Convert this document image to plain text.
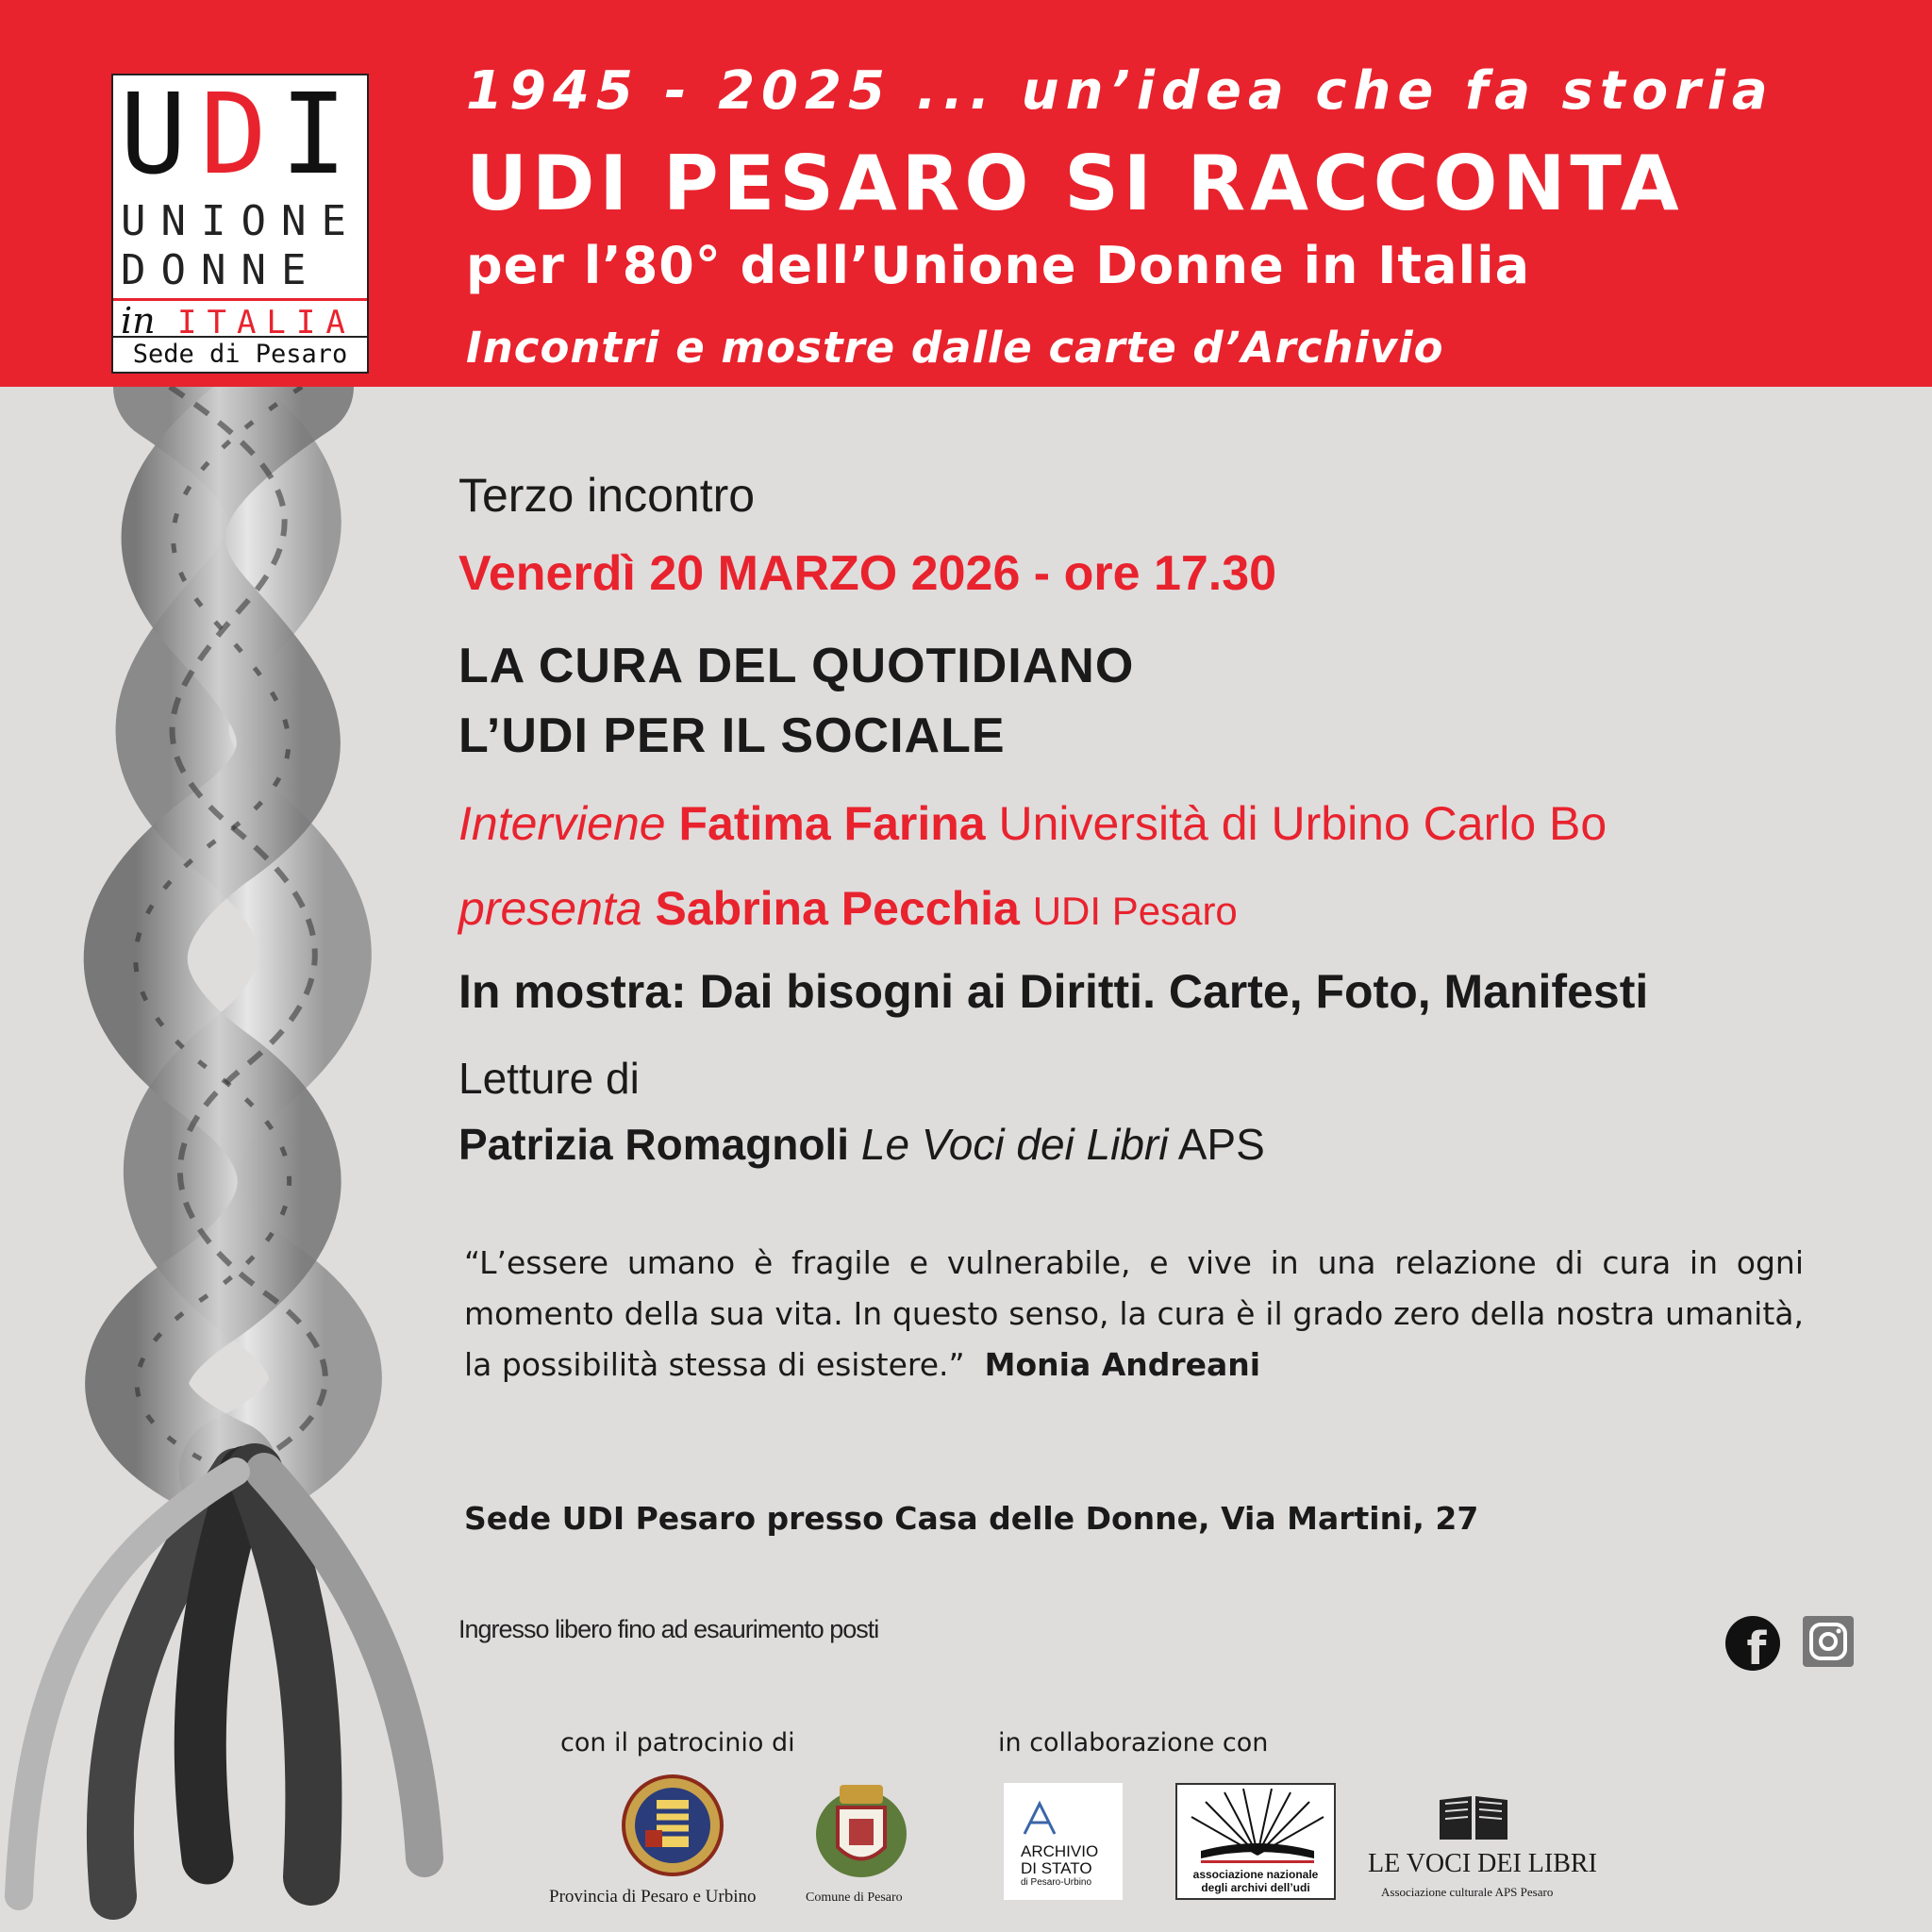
UDI
UNIONE
DONNE
in ITALIA
Sede di Pesaro
1945 - 2025 ... un’idea che fa storia
UDI PESARO SI RACCONTA
per l’80° dell’Unione Donne in Italia
Incontri e mostre dalle carte d’Archivio
Terzo incontro
Venerdì 20 MARZO 2026 - ore 17.30
LA CURA DEL QUOTIDIANO
L’UDI PER IL SOCIALE
Interviene Fatima Farina Università di Urbino Carlo Bo
presenta Sabrina Pecchia UDI Pesaro
In mostra: Dai bisogni ai Diritti. Carte, Foto, Manifesti
Letture di
Patrizia Romagnoli Le Voci dei Libri APS
“L’essere umano è fragile e vulnerabile, e vive in una relazione di cura in ogni momento della sua vita. In questo senso, la cura è il grado zero della nostra umanità, la possibilità stessa di esistere.” Monia Andreani
Sede UDI Pesaro presso Casa delle Donne, Via Martini, 27
Ingresso libero fino ad esaurimento posti	f
con il patrocinio di	in collaborazione con
Provincia di Pesaro e Urbino	Comune di Pesaro
ARCHIVIO
DI STATO
di Pesaro-Urbino
associazione nazionale
degli archivi dell’udi
LE VOCI DEI LIBRI
Associazione culturale APS Pesaro
